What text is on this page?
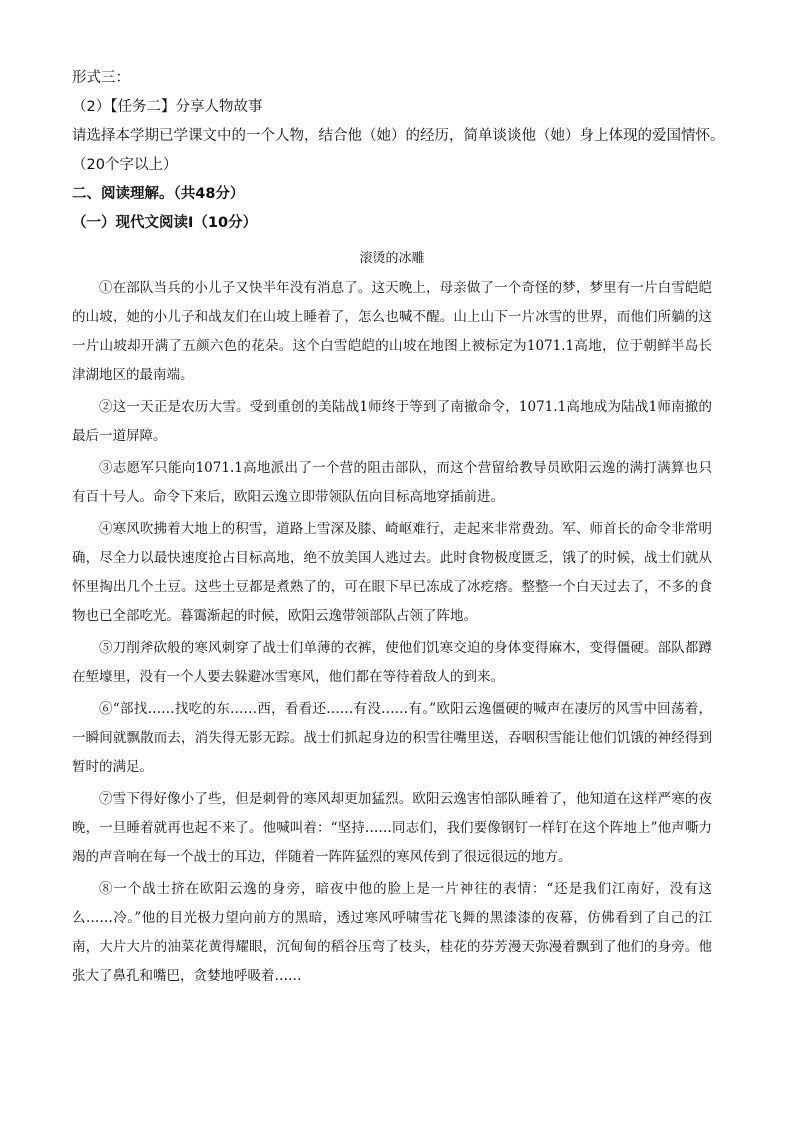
形式三：
（2）【任务二】分享人物故事
请选择本学期已学课文中的一个人物，结合他（她）的经历，简单谈谈他（她）身上体现的爱国情怀。
（20个字以上）
二、阅读理解。（共48分）
（一）现代文阅读Ⅰ（10分）
滚烫的冰雕

①在部队当兵的小儿子又快半年没有消息了。这天晚上，母亲做了一个奇怪的梦，梦里有一片白雪皑皑的山坡，她的小儿子和战友们在山坡上睡着了，怎么也喊不醒。山上山下一片冰雪的世界，而他们所躺的这一片山坡却开满了五颜六色的花朵。这个白雪皑皑的山坡在地图上被标定为1071.1高地，位于朝鲜半岛长津湖地区的最南端。

②这一天正是农历大雪。受到重创的美陆战1师终于等到了南撤命令，1071.1高地成为陆战1师南撤的最后一道屏障。

③志愿军只能向1071.1高地派出了一个营的阻击部队，而这个营留给教导员欧阳云逸的满打满算也只有百十号人。命令下来后，欧阳云逸立即带领队伍向目标高地穿插前进。

④寒风吹拂着大地上的积雪，道路上雪深及膝、崎岖难行，走起来非常费劲。军、师首长的命令非常明确，尽全力以最快速度抢占目标高地，绝不放美国人逃过去。此时食物极度匮乏，饿了的时候，战士们就从怀里掏出几个土豆。这些土豆都是煮熟了的，可在眼下早已冻成了冰疙瘩。整整一个白天过去了，不多的食物也已全部吃光。暮霭渐起的时候，欧阳云逸带领部队占领了阵地。

⑤刀削斧砍般的寒风刺穿了战士们单薄的衣裤，使他们饥寒交迫的身体变得麻木，变得僵硬。部队都蹲在堑壕里，没有一个人要去躲避冰雪寒风，他们都在等待着敌人的到来。

⑥“部找……找吃的东……西，看看还……有没……有。”欧阳云逸僵硬的喊声在凄厉的风雪中回荡着，一瞬间就飘散而去，消失得无影无踪。战士们抓起身边的积雪往嘴里送，吞咽积雪能让他们饥饿的神经得到暂时的满足。

⑦雪下得好像小了些，但是刺骨的寒风却更加猛烈。欧阳云逸害怕部队睡着了，他知道在这样严寒的夜晚，一旦睡着就再也起不来了。他喊叫着：“坚持……同志们，我们要像钢钉一样钉在这个阵地上”他声嘶力竭的声音响在每一个战士的耳边，伴随着一阵阵猛烈的寒风传到了很远很远的地方。

⑧一个战士挤在欧阳云逸的身旁，暗夜中他的脸上是一片神往的表情：“还是我们江南好，没有这么……冷。”他的目光极力望向前方的黑暗，透过寒风呼啸雪花飞舞的黑漆漆的夜幕，仿佛看到了自己的江南，大片大片的油菜花黄得耀眼，沉甸甸的稻谷压弯了枝头，桂花的芬芳漫天弥漫着飘到了他们的身旁。他张大了鼻孔和嘴巴，贪婪地呼吸着……
